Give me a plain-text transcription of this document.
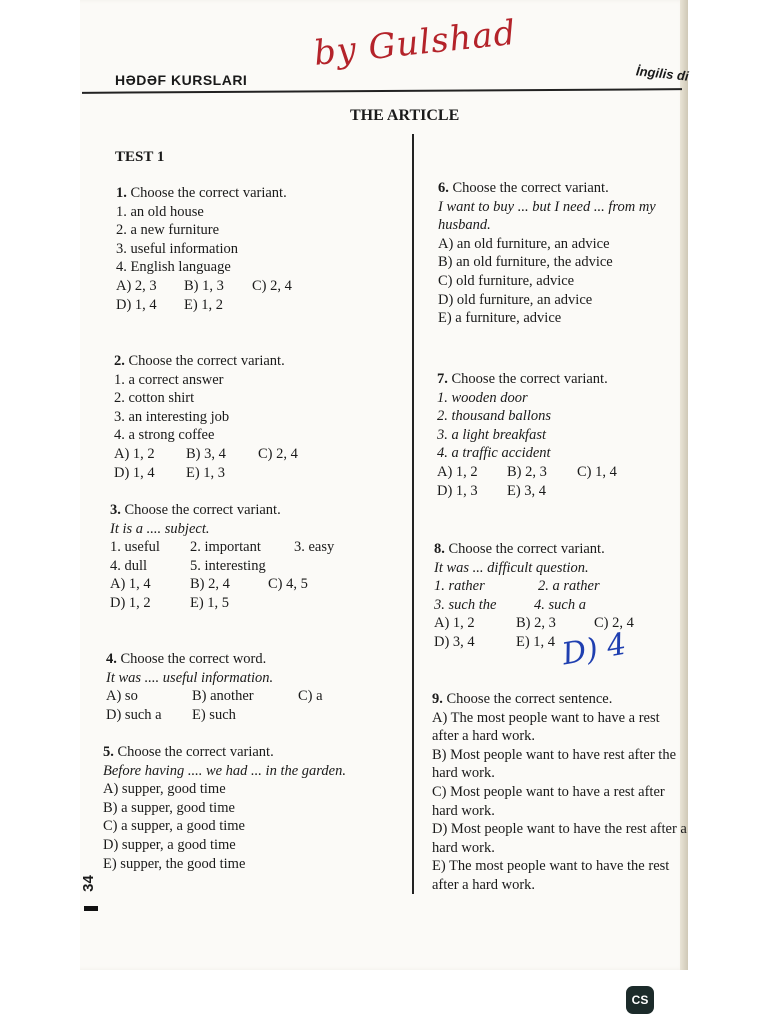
by Gulshad
HƏDƏF KURSLARI	İngilis di
THE ARTICLE
TEST 1
1. Choose the correct variant.
1. an old house
2. a new furniture
3. useful information
4. English language
A) 2, 3 B) 1, 3 C) 2, 4
D) 1, 4 E) 1, 2
2. Choose the correct variant.
1. a correct answer
2. cotton shirt
3. an interesting job
4. a strong coffee
A) 1, 2 B) 3, 4 C) 2, 4
D) 1, 4 E) 1, 3
3. Choose the correct variant.
It is a .... subject.
1. useful 2. important 3. easy
4. dull	5. interesting
A) 1, 4	B) 2, 4	C) 4, 5
D) 1, 2	E) 1, 5
4. Choose the correct word.
It was .... useful information.
A) so	B) another	C) a
D) such a E) such
5. Choose the correct variant.
Before having .... we had ... in the garden.
A) supper, good time
B) a supper, good time
C) a supper, a good time
D) supper, a good time
E) supper, the good time
6. Choose the correct variant.
I want to buy ... but I need ... from my husband.
A) an old furniture, an advice
B) an old furniture, the advice
C) old furniture, advice
D) old furniture, an advice
E) a furniture, advice
7. Choose the correct variant.
1. wooden door
2. thousand ballons
3. a light breakfast
4. a traffic accident
A) 1, 2 B) 2, 3 C) 1, 4
D) 1, 3 E) 3, 4
8. Choose the correct variant.
It was ... difficult question.
1. rather	2. a rather
3. such the	4. such a
A) 1, 2	B) 2, 3	C) 2, 4
D) 3, 4	E) 1, 4 D) 4
9. Choose the correct sentence.
A) The most people want to have a rest after a hard work.
B) Most people want to have rest after the hard work.
C) Most people want to have a rest after hard work.
D) Most people want to have the rest after a hard work.
E) The most people want to have the rest after a hard work.
34
CS
